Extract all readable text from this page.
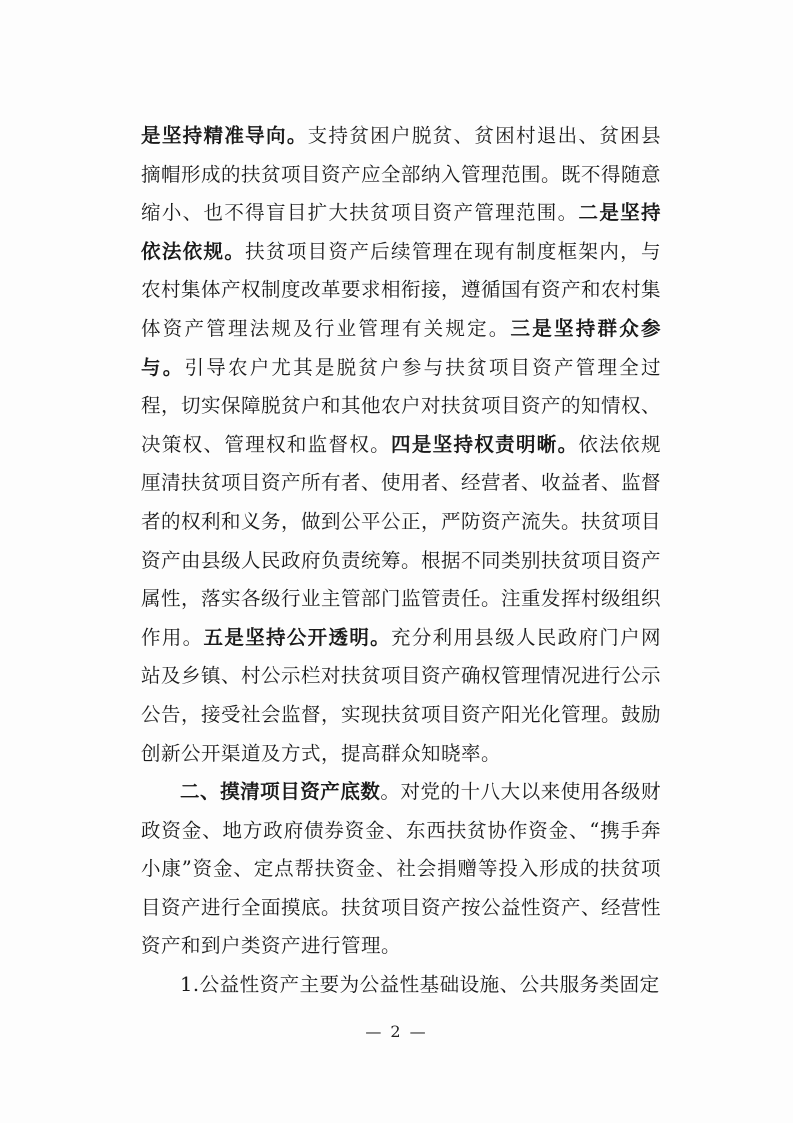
是坚持精准导向。支持贫困户脱贫、贫困村退出、贫困县摘帽形成的扶贫项目资产应全部纳入管理范围。既不得随意缩小、也不得盲目扩大扶贫项目资产管理范围。二是坚持依法依规。扶贫项目资产后续管理在现有制度框架内，与农村集体产权制度改革要求相衔接，遵循国有资产和农村集体资产管理法规及行业管理有关规定。三是坚持群众参与。引导农户尤其是脱贫户参与扶贫项目资产管理全过程，切实保障脱贫户和其他农户对扶贫项目资产的知情权、决策权、管理权和监督权。四是坚持权责明晰。依法依规厘清扶贫项目资产所有者、使用者、经营者、收益者、监督者的权利和义务，做到公平公正，严防资产流失。扶贫项目资产由县级人民政府负责统筹。根据不同类别扶贫项目资产属性，落实各级行业主管部门监管责任。注重发挥村级组织作用。五是坚持公开透明。充分利用县级人民政府门户网站及乡镇、村公示栏对扶贫项目资产确权管理情况进行公示公告，接受社会监督，实现扶贫项目资产阳光化管理。鼓励创新公开渠道及方式，提高群众知晓率。

二、摸清项目资产底数。对党的十八大以来使用各级财政资金、地方政府债券资金、东西扶贫协作资金、“携手奔小康”资金、定点帮扶资金、社会捐赠等投入形成的扶贫项目资产进行全面摸底。扶贫项目资产按公益性资产、经营性资产和到户类资产进行管理。

1.公益性资产主要为公益性基础设施、公共服务类固定

— 2 —
